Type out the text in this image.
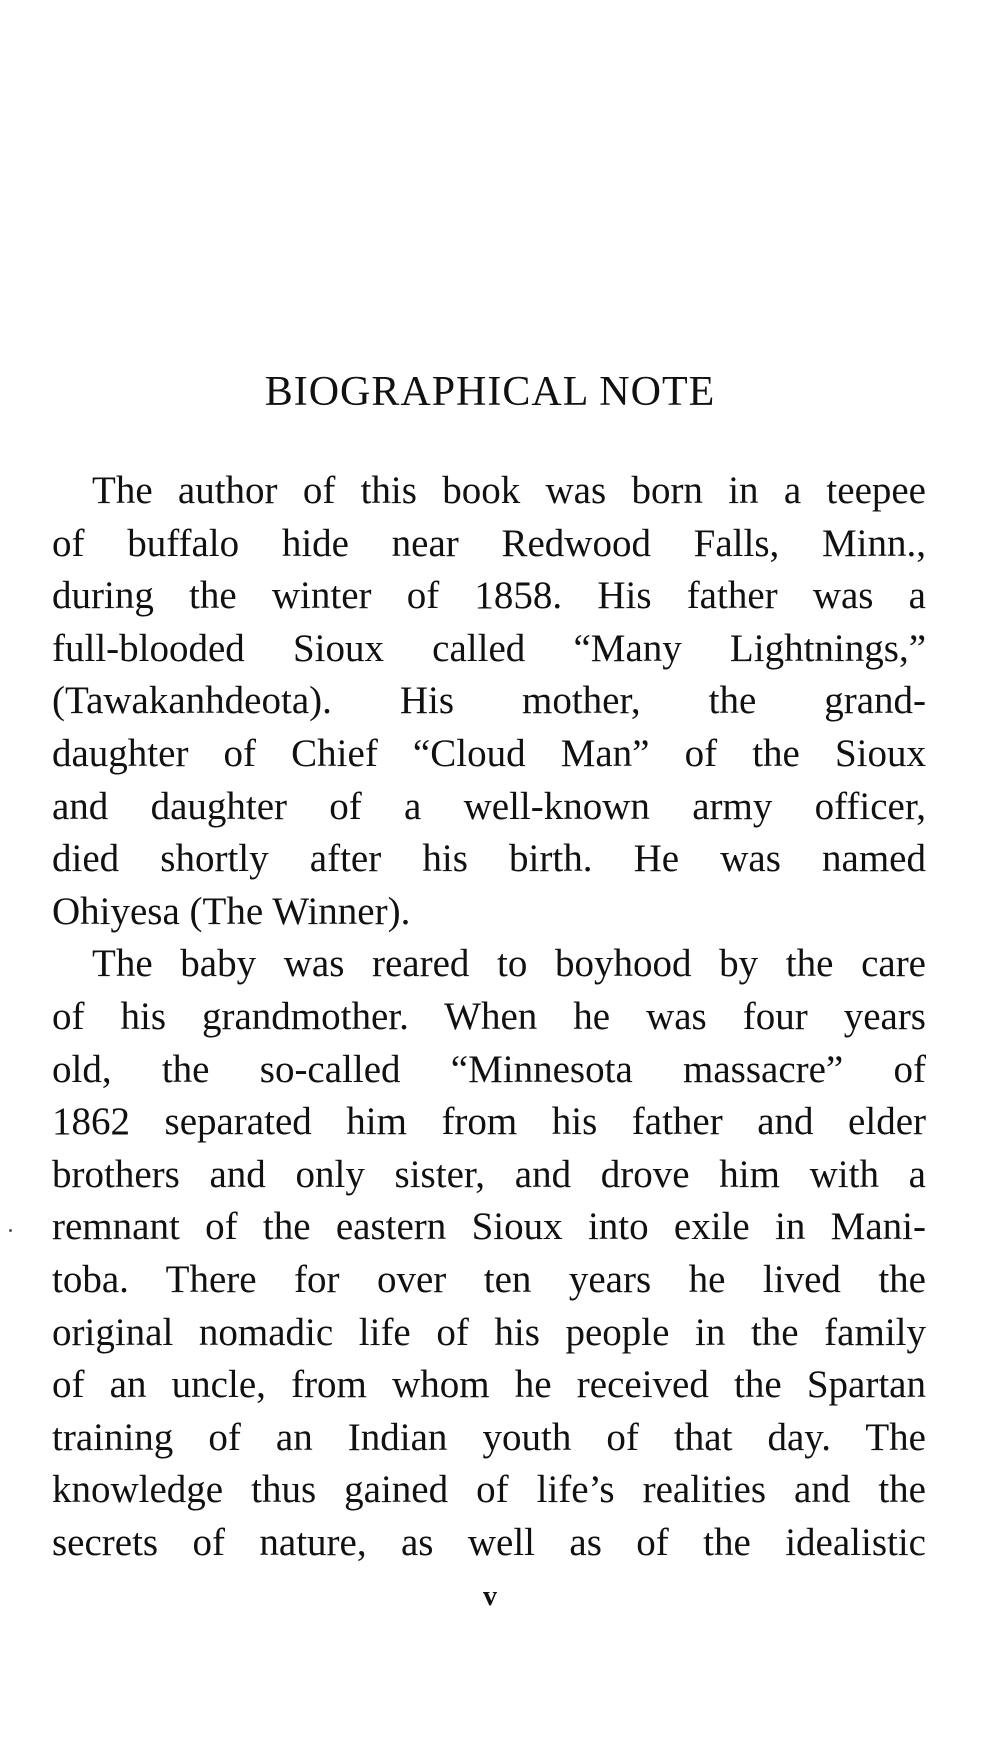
BIOGRAPHICAL NOTE
The author of this book was born in a teepee
of buffalo hide near Redwood Falls, Minn.,
during the winter of 1858. His father was a
full-blooded Sioux called “Many Lightnings,”
(Tawakanhdeota). His mother, the grand-
daughter of Chief “Cloud Man” of the Sioux
and daughter of a well-known army officer,
died shortly after his birth. He was named
Ohiyesa (The Winner).
The baby was reared to boyhood by the care
of his grandmother. When he was four years
old, the so-called “Minnesota massacre” of
1862 separated him from his father and elder
brothers and only sister, and drove him with a
remnant of the eastern Sioux into exile in Mani-
toba. There for over ten years he lived the
original nomadic life of his people in the family
of an uncle, from whom he received the Spartan
training of an Indian youth of that day. The
knowledge thus gained of life’s realities and the
secrets of nature, as well as of the idealistic
v
